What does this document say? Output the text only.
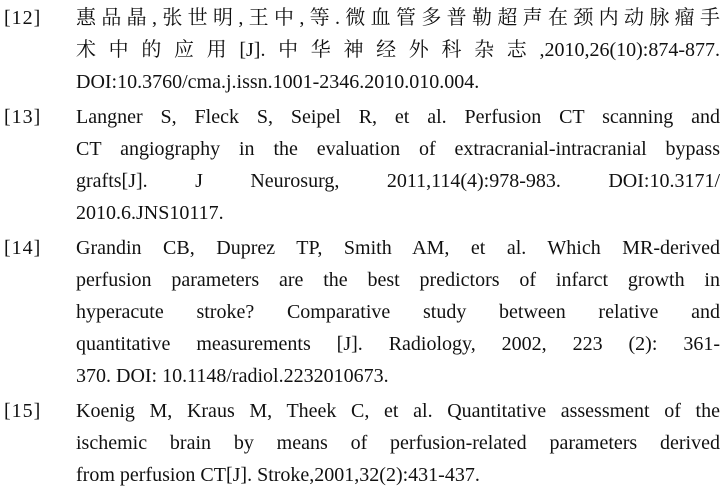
[12] 惠品晶,张世明,王中,等.微血管多普勒超声在颈内动脉瘤手
术中的应用[J].中华神经外科杂志,2010,26(10):874-877.
DOI:10.3760/cma.j.issn.1001-2346.2010.010.004.
[13] Langner S, Fleck S, Seipel R, et al. Perfusion CT scanning and
CT angiography in the evaluation of extracranial-intracranial bypass
grafts[J]. J Neurosurg, 2011,114(4):978-983. DOI:10.3171/
2010.6.JNS10117.
[14] Grandin CB, Duprez TP, Smith AM, et al. Which MR-derived
perfusion parameters are the best predictors of infarct growth in
hyperacute stroke? Comparative study between relative and
quantitative measurements [J]. Radiology, 2002, 223 (2): 361-
370. DOI: 10.1148/radiol.2232010673.
[15] Koenig M, Kraus M, Theek C, et al. Quantitative assessment of the
ischemic brain by means of perfusion-related parameters derived
from perfusion CT[J]. Stroke,2001,32(2):431-437.
